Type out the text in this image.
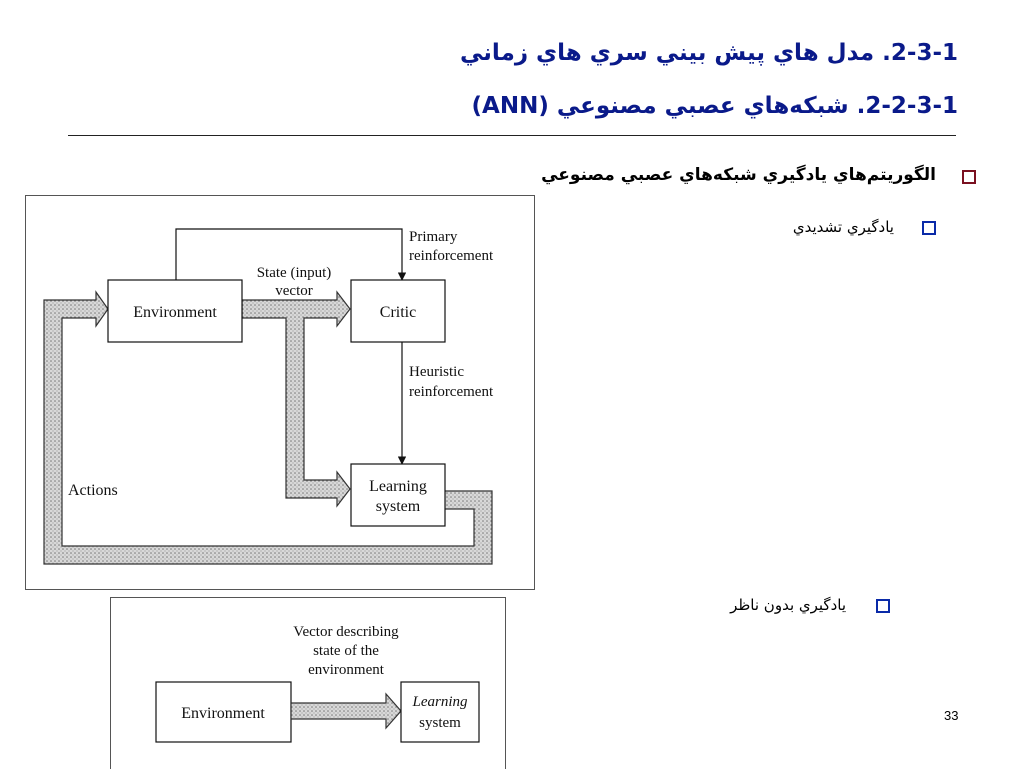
2-3-1. مدل هاي پيش بيني سري هاي زماني
2-2-3-1. شبکه‌هاي عصبي مصنوعي (ANN)
الگوريتم‌هاي يادگيري شبکه‌هاي عصبي مصنوعي
يادگيري تشديدي
يادگيري بدون ناظر
Environment	Critic
Learning
system
State (input)
vector
Primary
reinforcement
Heuristic
reinforcement
Actions
Vector describing
state of the
environment
Environment
Learning
system	33
